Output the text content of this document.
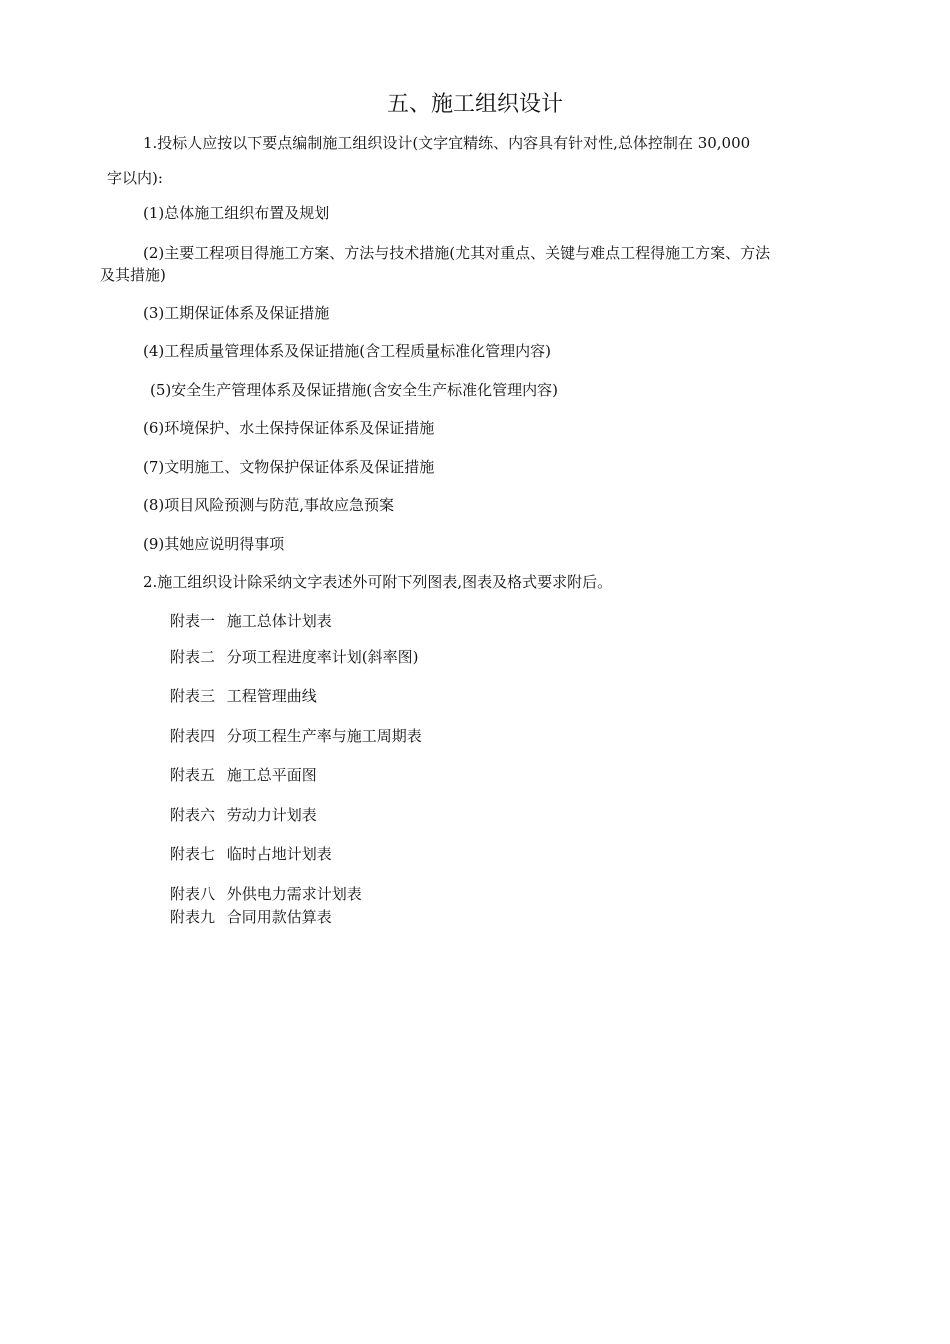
五、施工组织设计
1.投标人应按以下要点编制施工组织设计(文字宜精练、内容具有针对性,总体控制在 30,000
字以内):
(1)总体施工组织布置及规划
(2)主要工程项目得施工方案、方法与技术措施(尤其对重点、关键与难点工程得施工方案、方法
及其措施)
(3)工期保证体系及保证措施
(4)工程质量管理体系及保证措施(含工程质量标准化管理内容)
(5)安全生产管理体系及保证措施(含安全生产标准化管理内容)
(6)环境保护、水土保持保证体系及保证措施
(7)文明施工、文物保护保证体系及保证措施
(8)项目风险预测与防范,事故应急预案
(9)其她应说明得事项
2.施工组织设计除采纳文字表述外可附下列图表,图表及格式要求附后。
附表一 施工总体计划表
附表二 分项工程进度率计划(斜率图)
附表三 工程管理曲线
附表四 分项工程生产率与施工周期表
附表五 施工总平面图
附表六 劳动力计划表
附表七 临时占地计划表
附表八 外供电力需求计划表
附表九 合同用款估算表
